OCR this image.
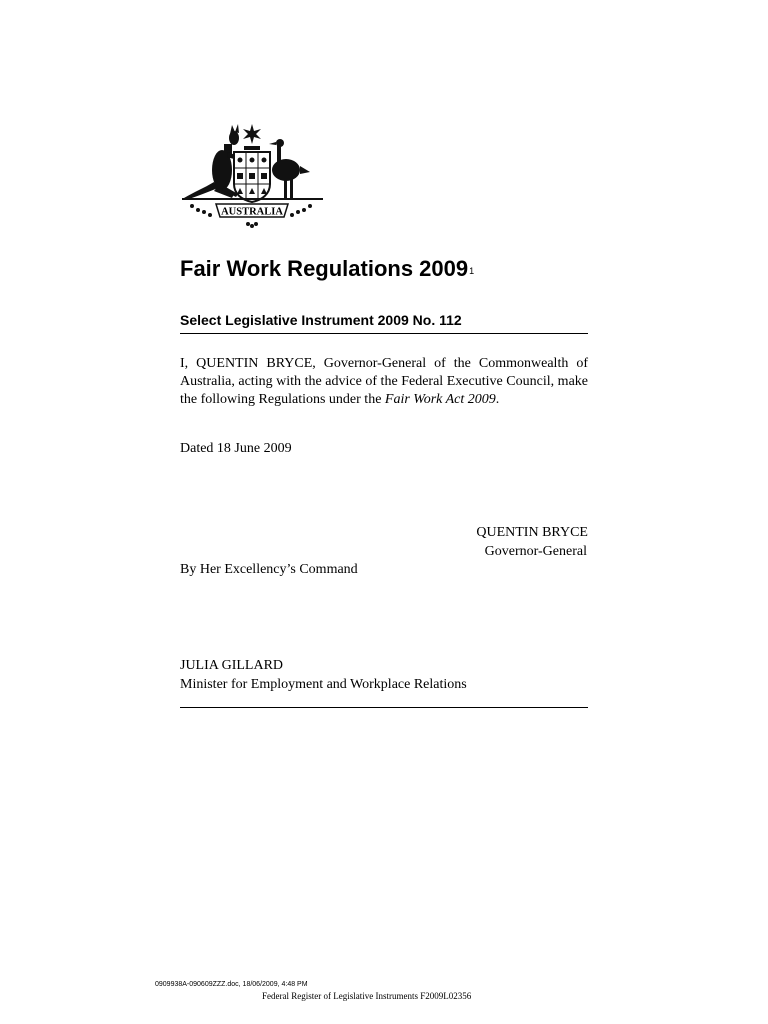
AUSTRALIA
Fair Work Regulations 2009$^1$
Select Legislative Instrument 2009 No. 112
I, QUENTIN BRYCE, Governor-General of the Commonwealth of Australia, acting with the advice of the Federal Executive Council, make the following Regulations under the Fair Work Act 2009.
Dated 18 June 2009
QUENTIN BRYCE
Governor-General
By Her Excellency’s Command
JULIA GILLARD
Minister for Employment and Workplace Relations
0909938A-090609ZZZ.doc, 18/06/2009, 4:48 PM
Federal Register of Legislative Instruments F2009L02356
